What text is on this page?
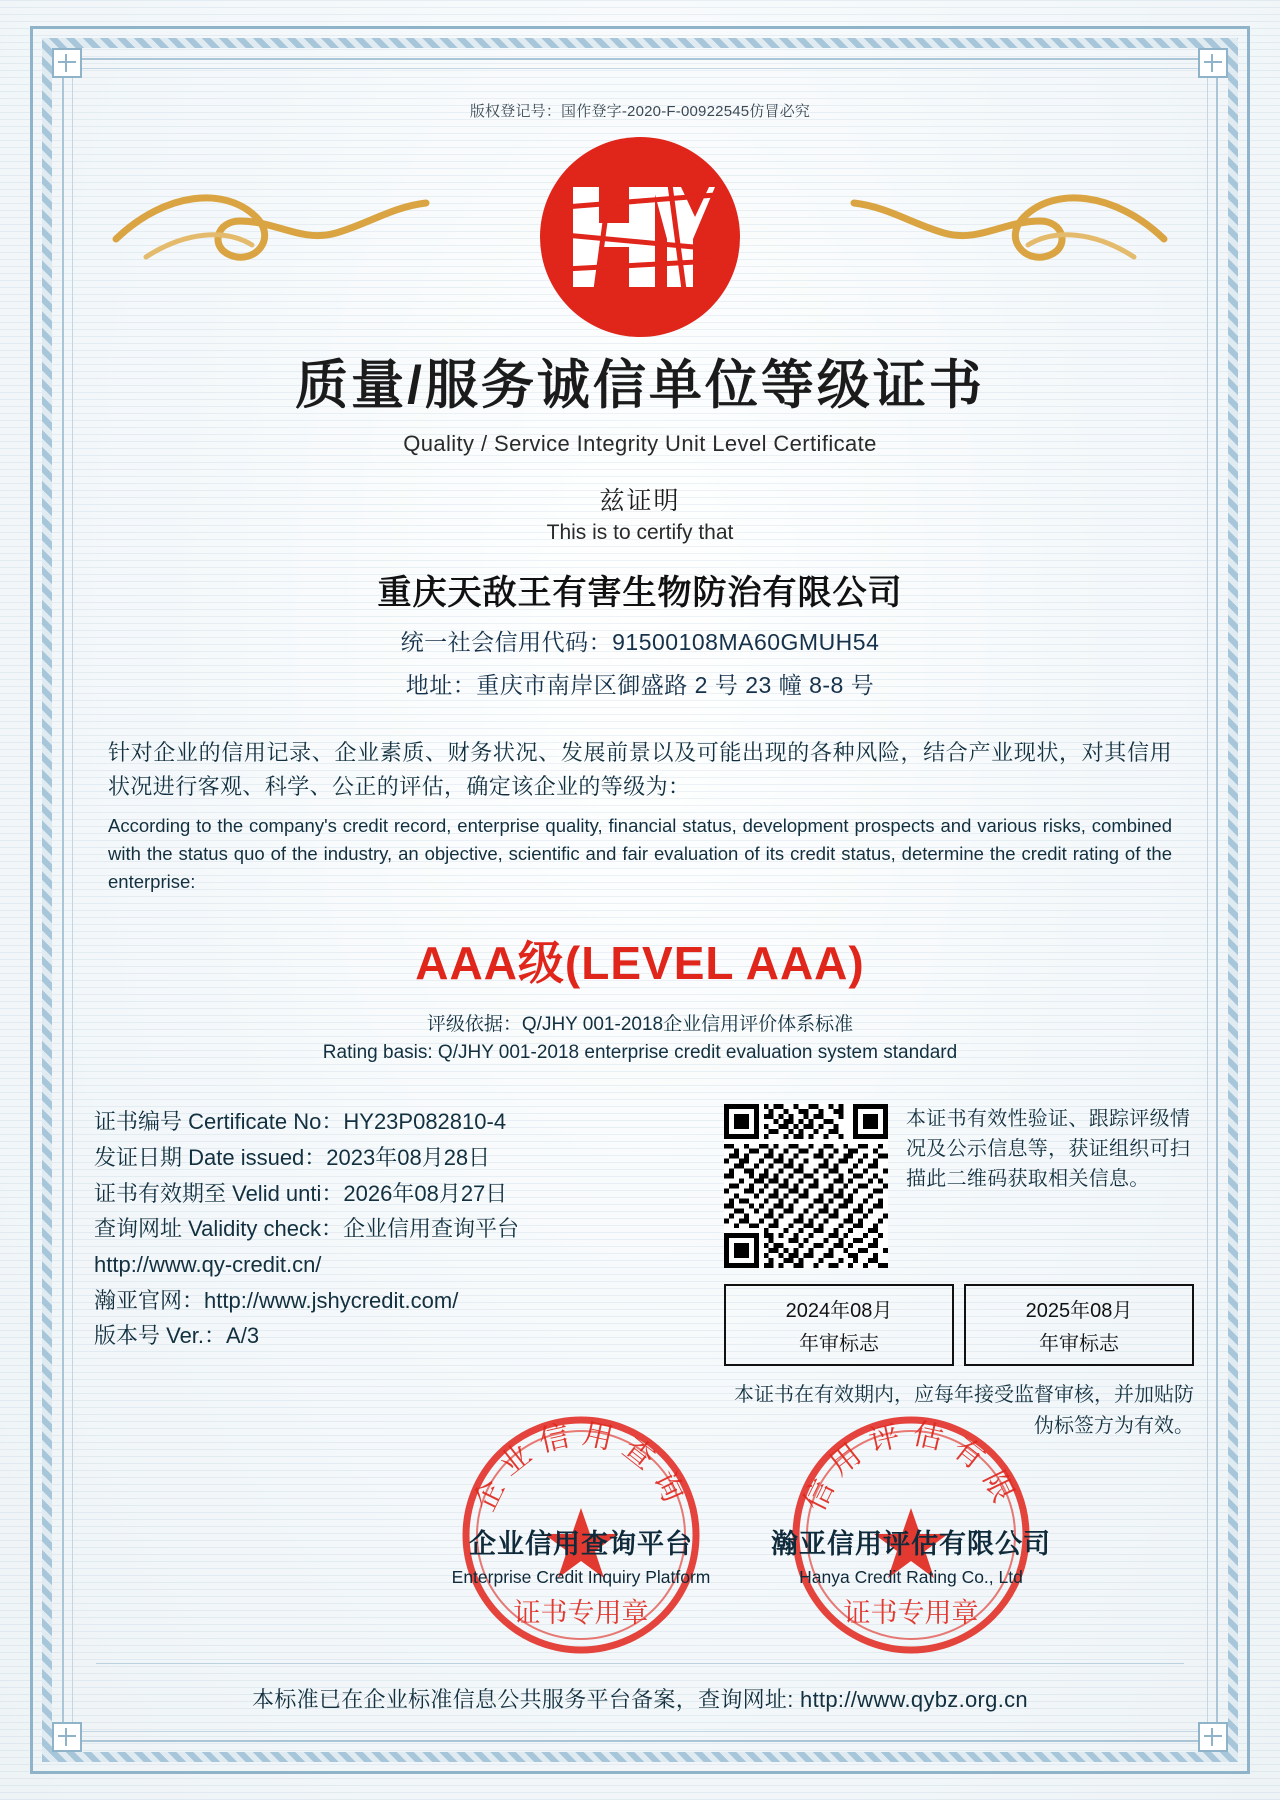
版权登记号：国作登字-2020-F-00922545仿冒必究
质量/服务诚信单位等级证书
Quality / Service Integrity Unit Level Certificate
兹证明
This is to certify that
重庆天敌王有害生物防治有限公司
统一社会信用代码：91500108MA60GMUH54
地址：重庆市南岸区御盛路 2 号 23 幢 8-8 号
针对企业的信用记录、企业素质、财务状况、发展前景以及可能出现的各种风险，结合产业现状，对其信用状况进行客观、科学、公正的评估，确定该企业的等级为：
According to the company's credit record, enterprise quality, financial status, development prospects and various risks, combined with the status quo of the industry, an objective, scientific and fair evaluation of its credit status, determine the credit rating of the enterprise:
AAA级(LEVEL AAA)
评级依据：Q/JHY 001-2018企业信用评价体系标准
Rating basis: Q/JHY 001-2018 enterprise credit evaluation system standard
证书编号 Certificate No：HY23P082810-4
发证日期 Date issued：2023年08月28日
证书有效期至 Velid unti：2026年08月27日
查询网址 Validity check：企业信用查询平台
http://www.qy-credit.cn/
瀚亚官网：http://www.jshycredit.com/
版本号 Ver.：A/3
本证书有效性验证、跟踪评级情况及公示信息等，获证组织可扫描此二维码获取相关信息。
2024年08月
年审标志
2025年08月
年审标志
本证书在有效期内，应每年接受监督审核，并加贴防伪标签方为有效。
企业信用查询
证书专用章
信用评估有限
证书专用章
企业信用查询平台
Enterprise Credit Inquiry Platform
瀚亚信用评估有限公司
Hanya Credit Rating Co., Ltd
本标准已在企业标准信息公共服务平台备案，查询网址: http://www.qybz.org.cn
